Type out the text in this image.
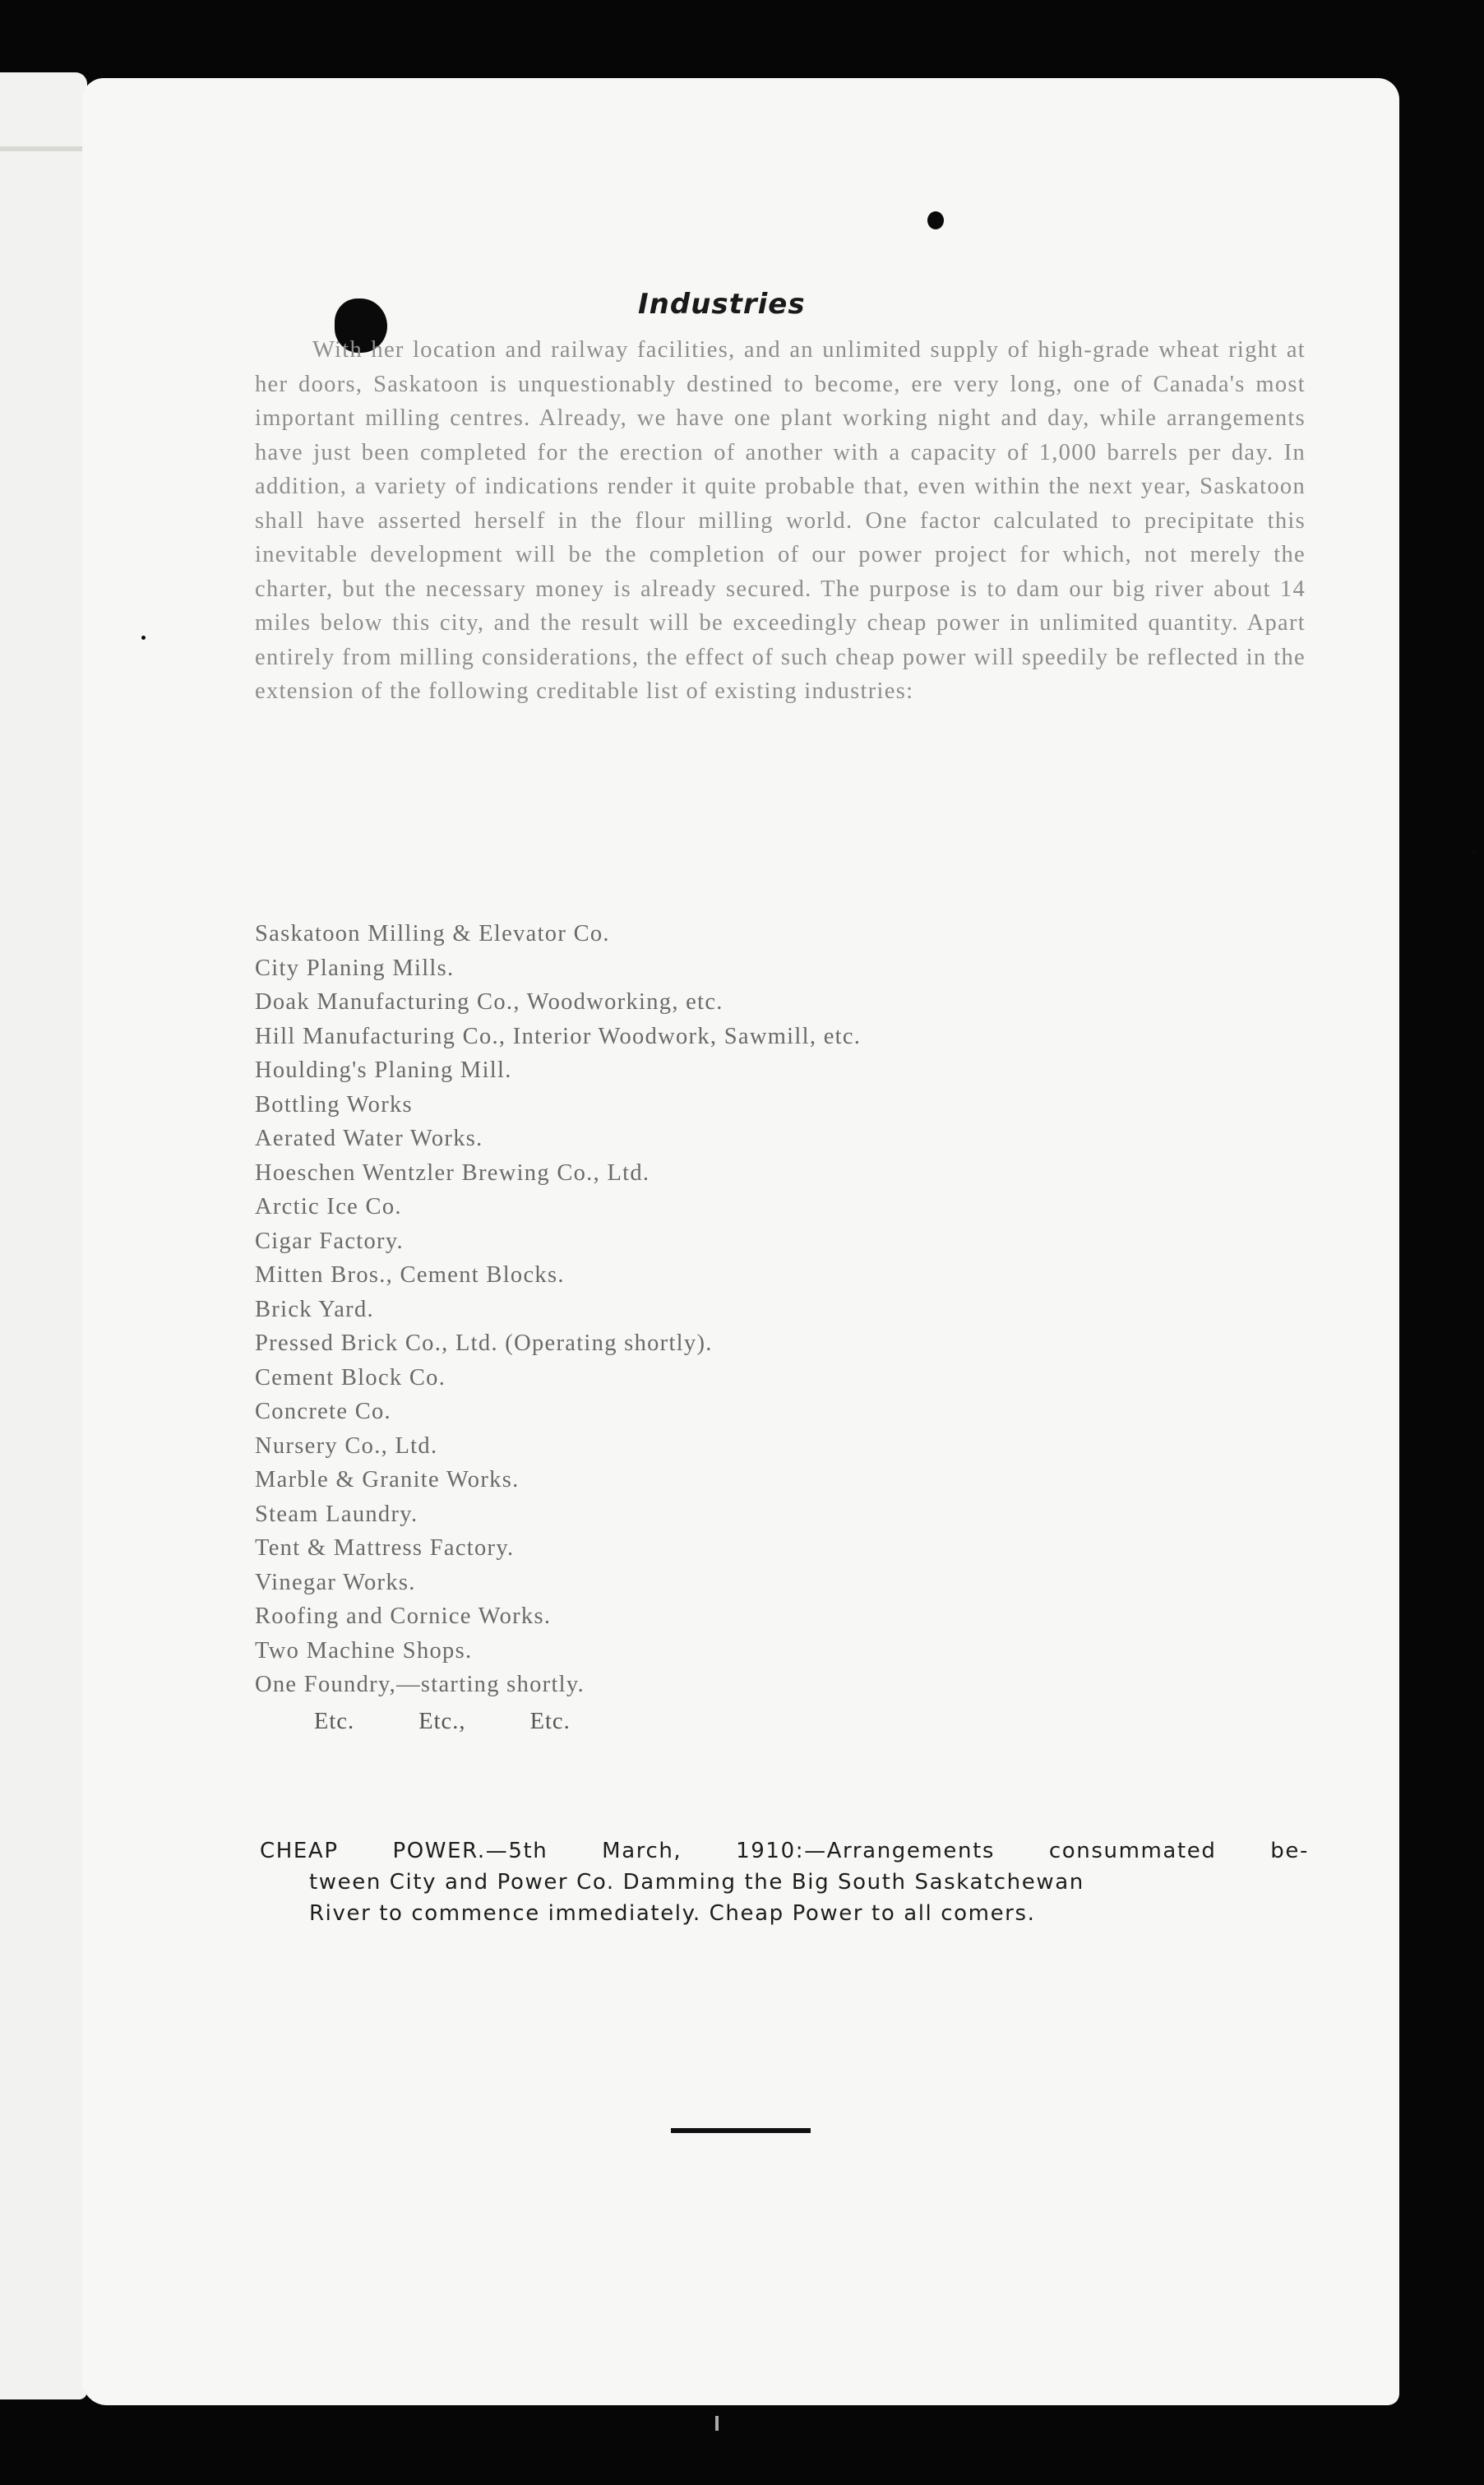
Industries

With her location and railway facilities, and an unlimited supply of high-grade wheat right at her doors, Saskatoon is unquestionably destined to become, ere very long, one of Canada's most important milling centres. Already, we have one plant working night and day, while arrangements have just been completed for the erection of another with a capacity of 1,000 barrels per day. In addition, a variety of indications render it quite probable that, even within the next year, Saskatoon shall have asserted herself in the flour milling world. One factor calculated to precipitate this inevitable development will be the completion of our power project for which, not merely the charter, but the necessary money is already secured. The purpose is to dam our big river about 14 miles below this city, and the result will be exceedingly cheap power in unlimited quantity. Apart entirely from milling considerations, the effect of such cheap power will speedily be reflected in the extension of the following creditable list of existing industries:

Saskatoon Milling & Elevator Co.
City Planing Mills.
Doak Manufacturing Co., Woodworking, etc.
Hill Manufacturing Co., Interior Woodwork, Sawmill, etc.
Houlding's Planing Mill.
Bottling Works
Aerated Water Works.
Hoeschen Wentzler Brewing Co., Ltd.
Arctic Ice Co.
Cigar Factory.
Mitten Bros., Cement Blocks.
Brick Yard.
Pressed Brick Co., Ltd. (Operating shortly).
Cement Block Co.
Concrete Co.
Nursery Co., Ltd.
Marble & Granite Works.
Steam Laundry.
Tent & Mattress Factory.
Vinegar Works.
Roofing and Cornice Works.
Two Machine Shops.
One Foundry,—starting shortly.
Etc.	Etc.,	Etc.
CHEAP POWER.—5th March, 1910:—Arrangements consummated be-
tween City and Power Co. Damming the Big South Saskatchewan
River to commence immediately. Cheap Power to all comers.
